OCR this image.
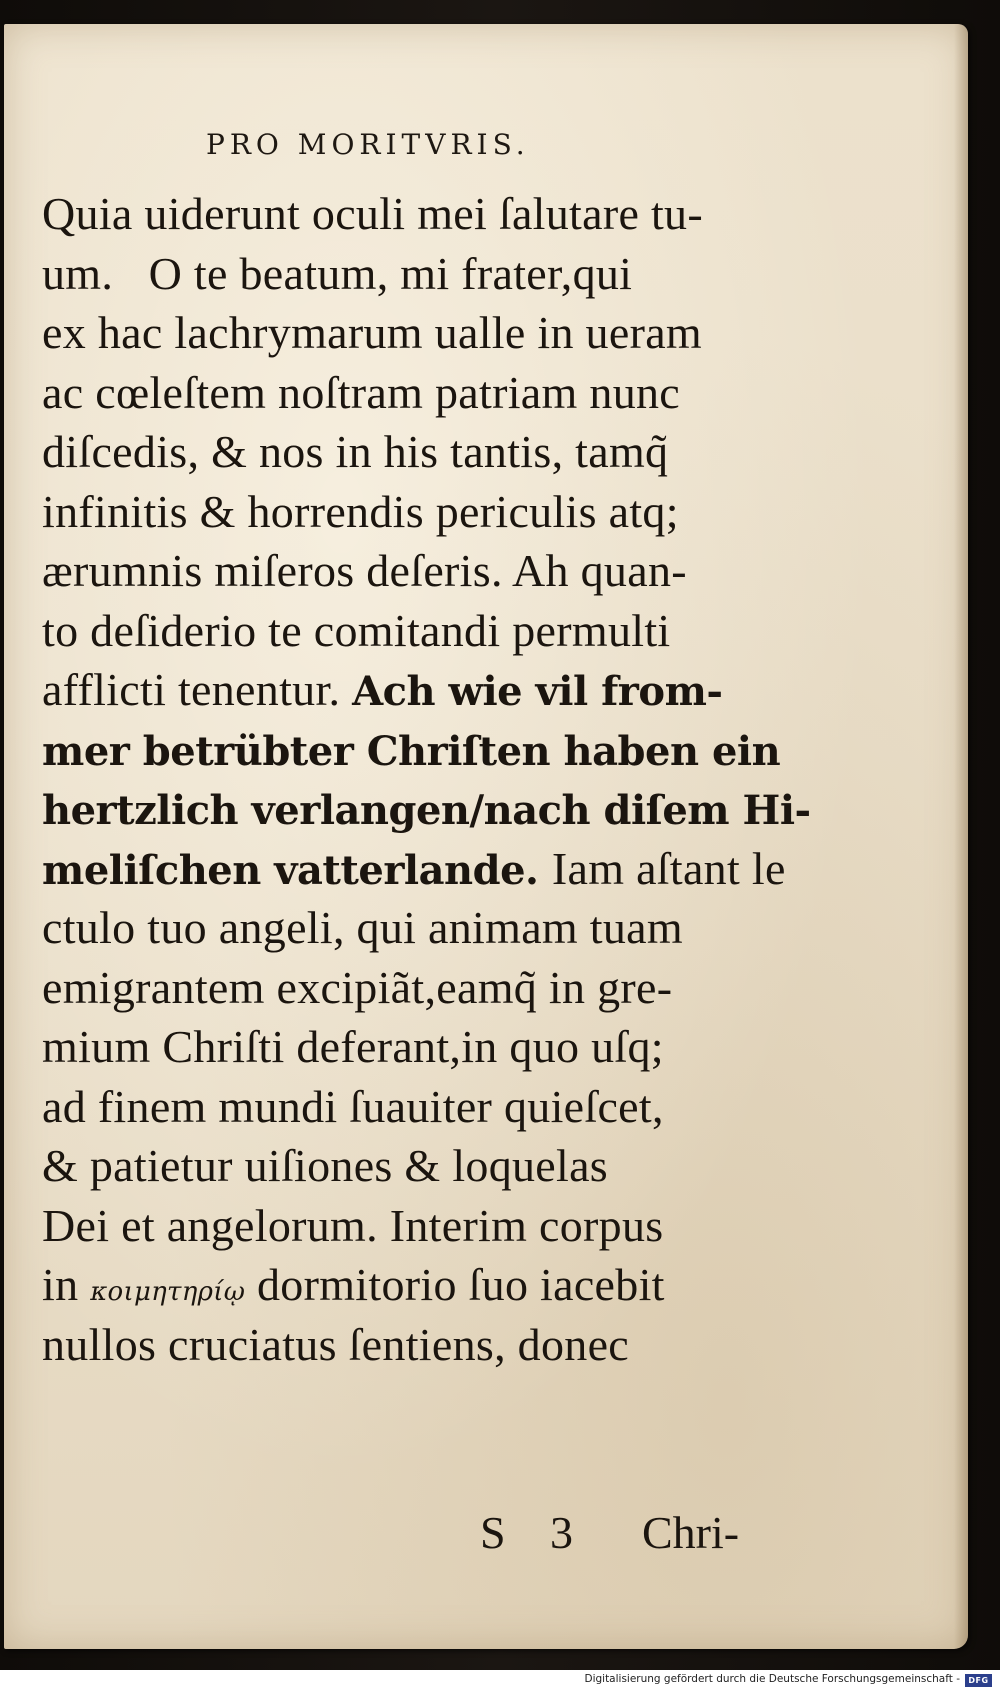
PRO MORITVRIS.
Quia uiderunt oculi mei ſalutare tu-
um.   O te beatum, mi frater,qui
ex hac lachrymarum ualle in ueram
ac cœleſtem noſtram patriam nunc
diſcedis, & nos in his tantis, tamq̃
infinitis & horrendis periculis atq;
ærumnis miſeros deſeris. Ah quan-
to deſiderio te comitandi permulti
afflicti tenentur. Ach wie vil from-
mer betrübter Chriſten haben ein
hertzlich verlangen/nach diſem Hi-
meliſchen vatterlande. Iam aſtant le
ctulo tuo angeli, qui animam tuam
emigrantem excipiãt,eamq̃ in gre-
mium Chriſti deferant,in quo uſq;
ad finem mundi ſuauiter quieſcet,
& patietur uiſiones & loquelas
Dei et angelorum. Interim corpus
in κοιμητηρίῳ dormitorio ſuo iacebit
nullos cruciatus ſentiens, donec
S 3 Chri-
Digitalisierung gefördert durch die Deutsche Forschungsgemeinschaft -	DFG
